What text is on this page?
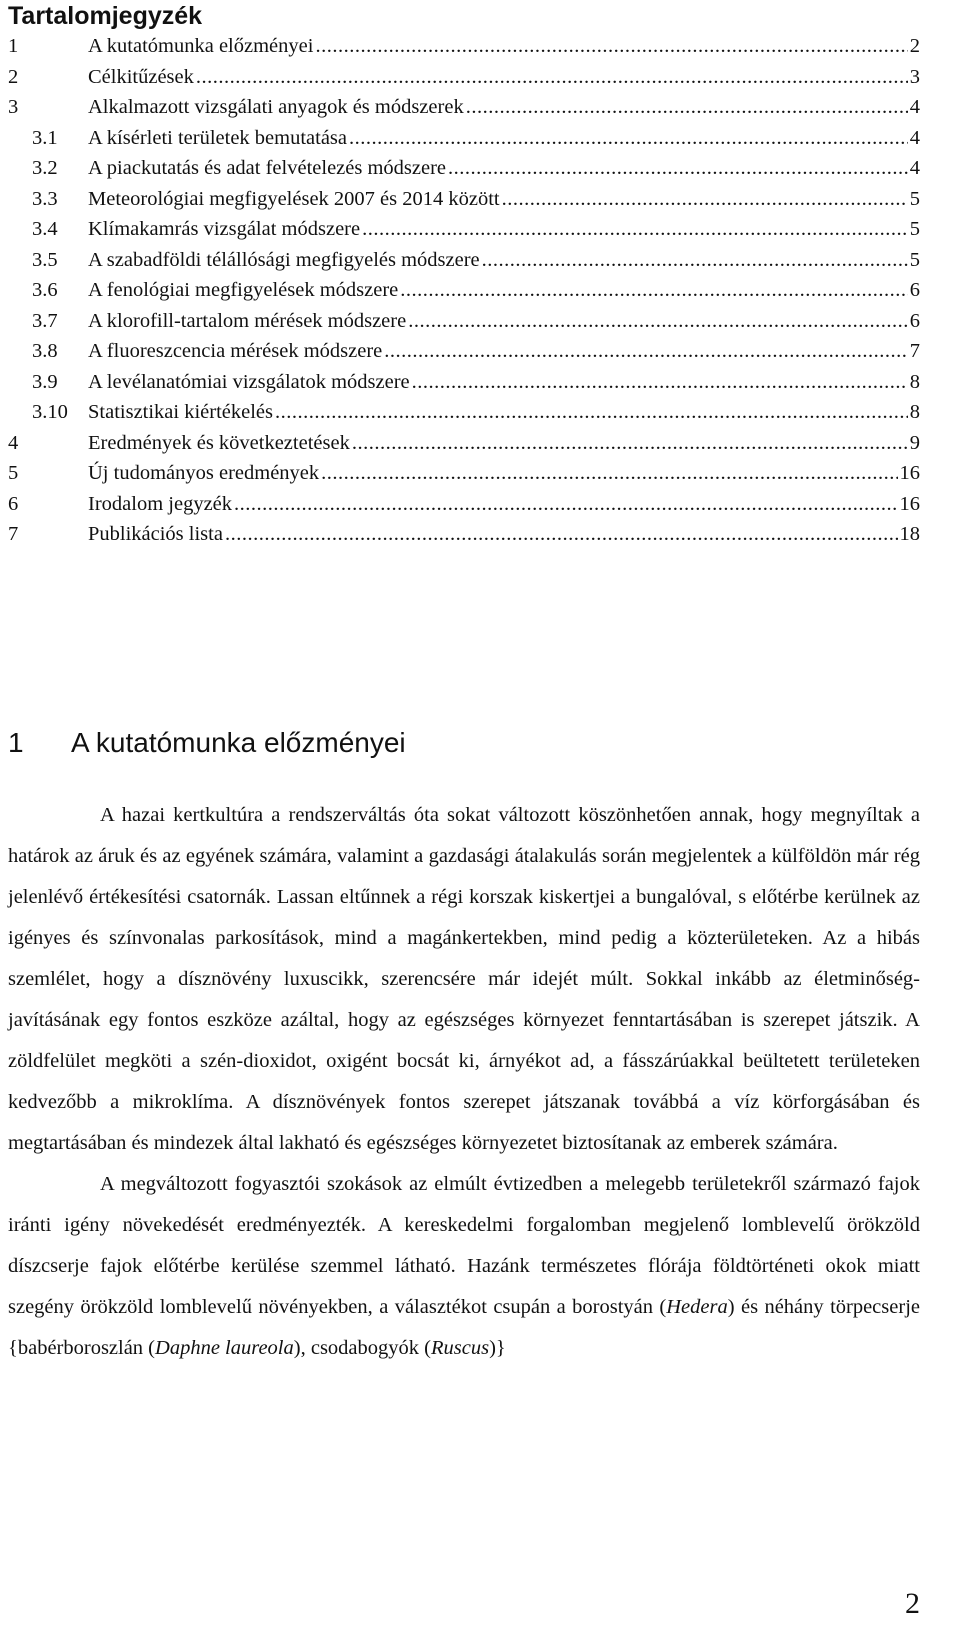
Tartalomjegyzék
1	A kutatómunka előzményei .....	2
2	Célkitűzések .....	3
3	Alkalmazott vizsgálati anyagok és módszerek .....	4
3.1	A kísérleti területek bemutatása .....	4
3.2	A piackutatás és adat felvételezés módszere .....	4
3.3	Meteorológiai megfigyelések 2007 és 2014 között .....	5
3.4	Klímakamrás vizsgálat módszere .....	5
3.5	A szabadföldi télállósági megfigyelés módszere .....	5
3.6	A fenológiai megfigyelések módszere .....	6
3.7	A klorofill-tartalom mérések módszere .....	6
3.8	A fluoreszcencia mérések módszere .....	7
3.9	A levélanatómiai vizsgálatok módszere .....	8
3.10 Statisztikai kiértékelés .....	8
4	Eredmények és következtetések .....	9
5	Új tudományos eredmények .....	16
6	Irodalom jegyzék .....	16
7	Publikációs lista .....	18
1 A kutatómunka előzményei

A hazai kertkultúra a rendszerváltás óta sokat változott köszönhetően annak, hogy megnyíltak a határok az áruk és az egyének számára, valamint a gazdasági átalakulás során megjelentek a külföldön már rég jelenlévő értékesítési csatornák. Lassan eltűnnek a régi korszak kiskertjei a bungalóval, s előtérbe kerülnek az igényes és színvonalas parkosítások, mind a magánkertekben, mind pedig a közterületeken. Az a hibás szemlélet, hogy a dísznövény luxuscikk, szerencsére már idejét múlt. Sokkal inkább az életminőség-javításának egy fontos eszköze azáltal, hogy az egészséges környezet fenntartásában is szerepet játszik. A zöldfelület megköti a szén-dioxidot, oxigént bocsát ki, árnyékot ad, a fásszárúakkal beültetett területeken kedvezőbb a mikroklíma. A dísznövények fontos szerepet játszanak továbbá a víz körforgásában és megtartásában és mindezek által lakható és egészséges környezetet biztosítanak az emberek számára.

A megváltozott fogyasztói szokások az elmúlt évtizedben a melegebb területekről származó fajok iránti igény növekedését eredményezték. A kereskedelmi forgalomban megjelenő lomblevelű örökzöld díszcserje fajok előtérbe kerülése szemmel látható. Hazánk természetes flórája földtörténeti okok miatt szegény örökzöld lomblevelű növényekben, a választékot csupán a borostyán (Hedera) és néhány törpecserje {babérboroszlán (Daphne laureola), csodabogyók (Ruscus)}

2
